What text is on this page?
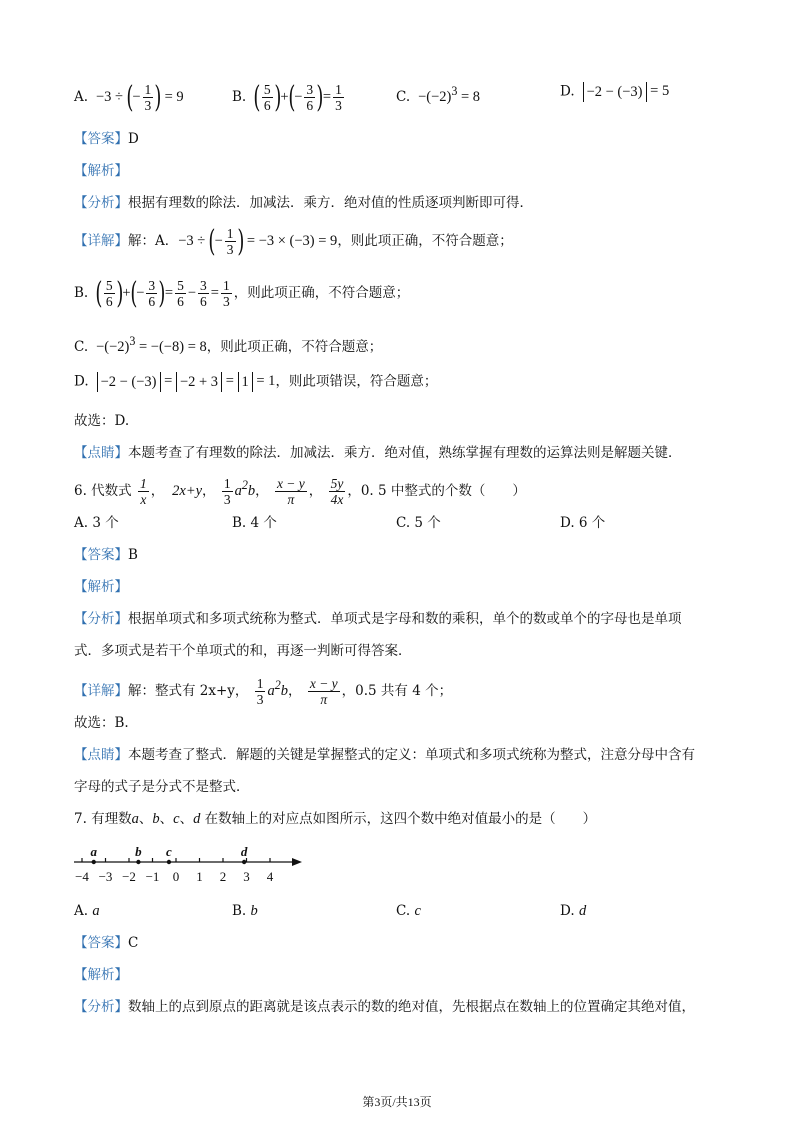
A.  −3 ÷ (− $\frac{1}{3}$ ) = 9	B. ( $\frac{5}{6}$ )+(− $\frac{3}{6}$ )= $\frac{1}{3}$	C.  $-(-2)^3 = 8$	D. −2 − (−3) = 5
【答案】D
【解析】
【分析】根据有理数的除法．加减法．乘方．绝对值的性质逐项判断即可得．
【详解】解：A．−3 ÷ (− $\frac{1}{3}$ ) = −3 × (−3) = 9，则此项正确，不符合题意；
B. ( $\frac{5}{6}$ )+(− $\frac{3}{6}$ )= $\frac{5}{6} - \frac{3}{6} = \frac{1}{3}$ ，则此项正确，不符合题意；
C.  $-(-2)^3 = -(-8) = 8$，则此项正确，不符合题意；
D. −2 − (−3) = −2 + 3 = 1 = 1，则此项错误，符合题意；
故选：D.
【点睛】本题考查了有理数的除法．加减法．乘方．绝对值，熟练掌握有理数的运算法则是解题关键．
6. 代数式 $\frac{1}{x}$ ，  2x+y， $\frac{1}{3} a^2b$， $\frac{x - y}{\pi}$ ， $\frac{5y}{4x}$ ，0. 5 中整式的个数（　　）
A. 3 个	B. 4 个	C. 5 个	D. 6 个
【答案】B
【解析】
【分析】根据单项式和多项式统称为整式．单项式是字母和数的乘积，单个的数或单个的字母也是单项
式．多项式是若干个单项式的和，再逐一判断可得答案．
【详解】解：整式有 2x+y， $\frac{1}{3} a^2b$， $\frac{x - y}{\pi}$ ，0.5 共有 4 个；
故选：B.
【点睛】本题考查了整式．解题的关键是掌握整式的定义：单项式和多项式统称为整式，注意分母中含有
字母的式子是分式不是整式．
7. 有理数a、b、c、d 在数轴上的对应点如图所示，这四个数中绝对值最小的是（　　）
−4 −3 −2 −1 0 1 2 3 4
a	b c	d
A. a	B. b	C. c	D. d
【答案】C
【解析】
【分析】数轴上的点到原点的距离就是该点表示的数的绝对值，先根据点在数轴上的位置确定其绝对值，
第3页/共13页
